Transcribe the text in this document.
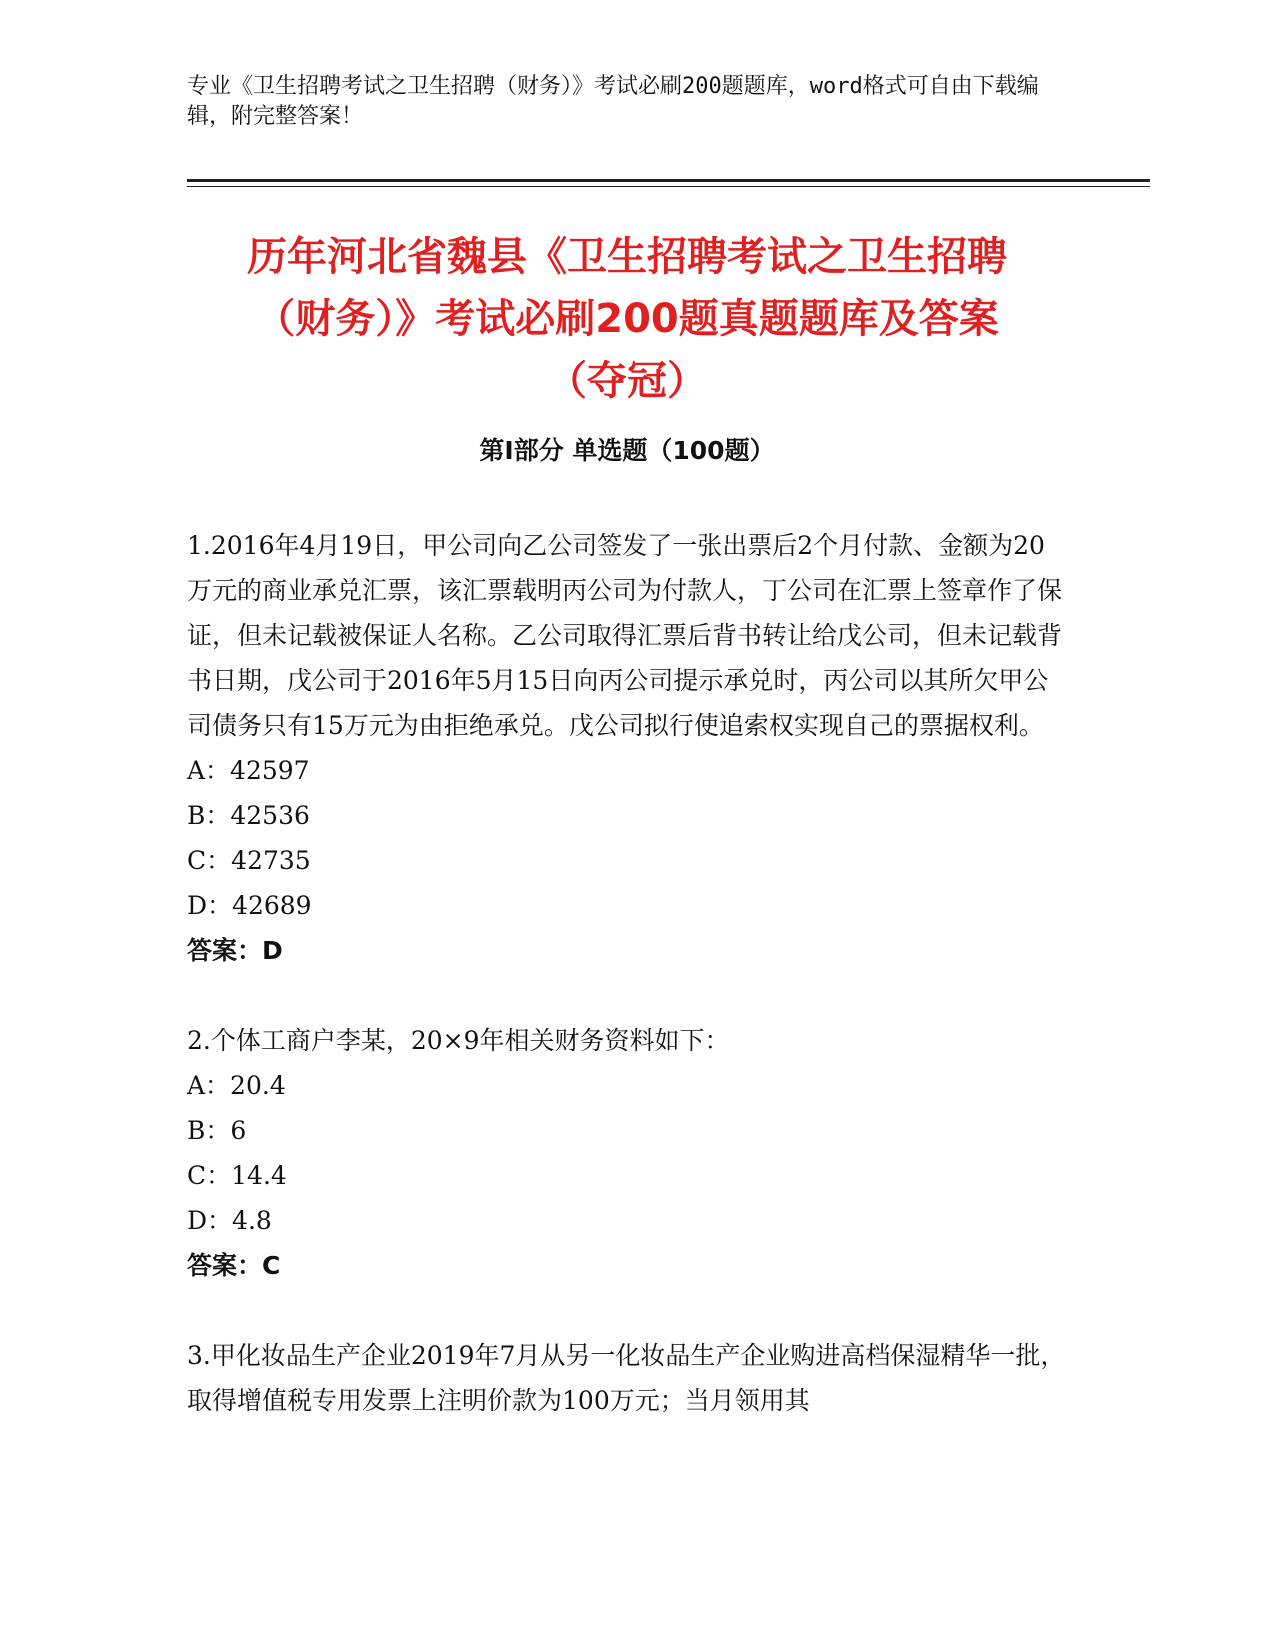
专业《卫生招聘考试之卫生招聘（财务）》考试必刷200题题库，word格式可自由下载编辑，附完整答案！
历年河北省魏县《卫生招聘考试之卫生招聘
（财务）》考试必刷200题真题题库及答案
（夺冠）
第Ⅰ部分 单选题（100题）

1.2016年4月19日，甲公司向乙公司签发了一张出票后2个月付款、金额为20万元的商业承兑汇票，该汇票载明丙公司为付款人，丁公司在汇票上签章作了保证，但未记载被保证人名称。乙公司取得汇票后背书转让给戊公司，但未记载背书日期，戊公司于2016年5月15日向丙公司提示承兑时，丙公司以其所欠甲公司债务只有15万元为由拒绝承兑。戊公司拟行使追索权实现自己的票据权利。

A：42597

B：42536

C：42735

D：42689

答案：D

2.个体工商户李某，20×9年相关财务资料如下：

A：20.4

B：6

C：14.4

D：4.8

答案：C

3.甲化妆品生产企业2019年7月从另一化妆品生产企业购进高档保湿精华一批，取得增值税专用发票上注明价款为100万元；当月领用其
